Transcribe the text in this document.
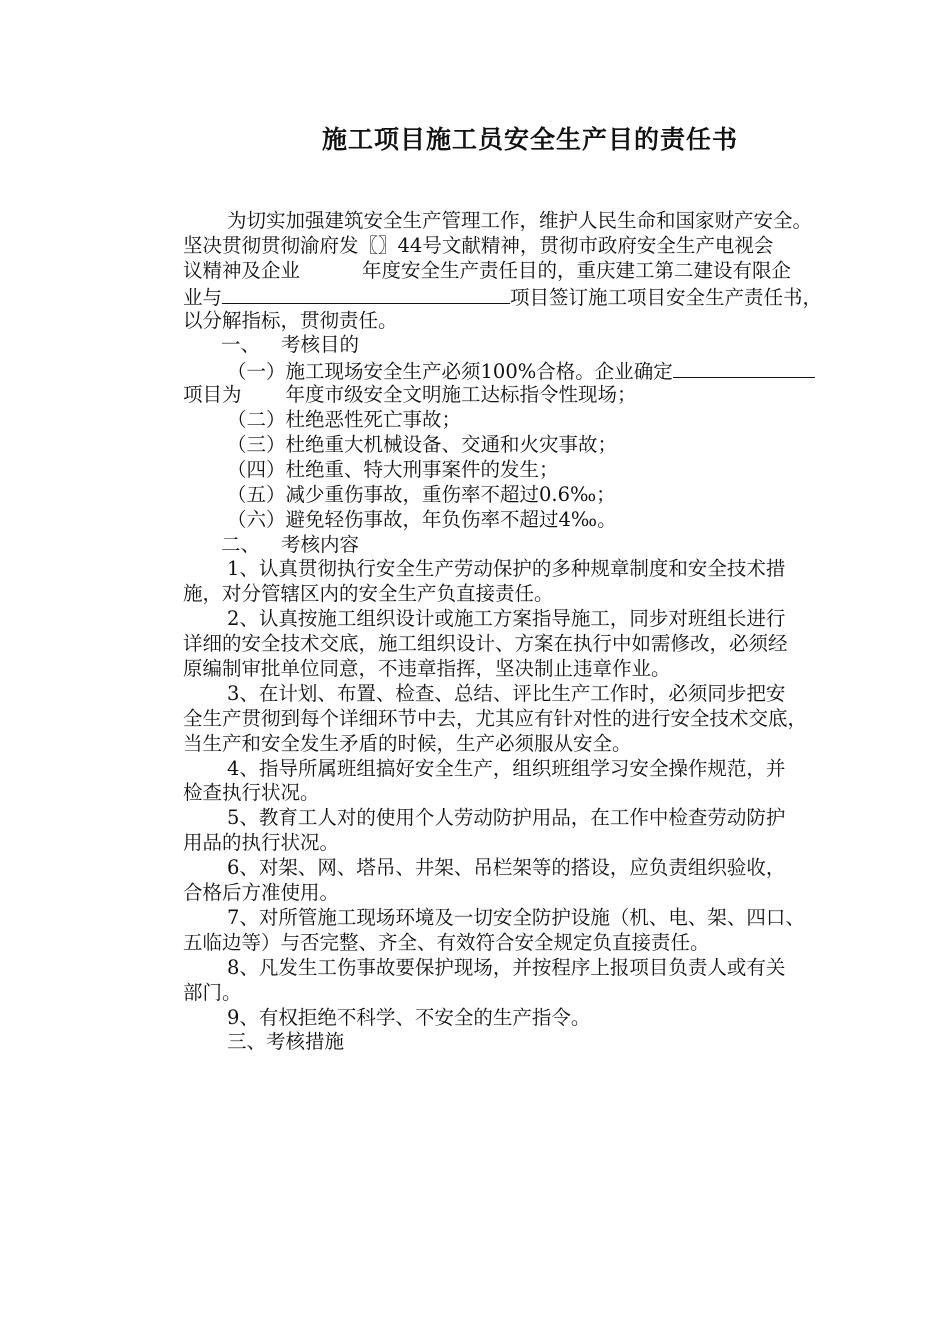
施工项目施工员安全生产目的责任书
为切实加强建筑安全生产管理工作，维护人民生命和国家财产安全。
坚决贯彻贯彻渝府发〖〗44号文献精神，贯彻市政府安全生产电视会
议精神及企业	年度安全生产责任目的，重庆建工第二建设有限企
业与	项目签订施工项目安全生产责任书，
以分解指标，贯彻责任。
一、 考核目的
（一）施工现场安全生产必须100%合格。企业确定
项目为 年度市级安全文明施工达标指令性现场；
（二）杜绝恶性死亡事故；
（三）杜绝重大机械设备、交通和火灾事故；
（四）杜绝重、特大刑事案件的发生；
（五）减少重伤事故，重伤率不超过0.6‰；
（六）避免轻伤事故，年负伤率不超过4‰。
二、 考核内容
1、认真贯彻执行安全生产劳动保护的多种规章制度和安全技术措
施，对分管辖区内的安全生产负直接责任。
2、认真按施工组织设计或施工方案指导施工，同步对班组长进行
详细的安全技术交底，施工组织设计、方案在执行中如需修改，必须经
原编制审批单位同意，不违章指挥，坚决制止违章作业。
3、在计划、布置、检查、总结、评比生产工作时，必须同步把安
全生产贯彻到每个详细环节中去，尤其应有针对性的进行安全技术交底，
当生产和安全发生矛盾的时候，生产必须服从安全。
4、指导所属班组搞好安全生产，组织班组学习安全操作规范，并
检查执行状况。
5、教育工人对的使用个人劳动防护用品，在工作中检查劳动防护
用品的执行状况。
6、对架、网、塔吊、井架、吊栏架等的搭设，应负责组织验收，
合格后方准使用。
7、对所管施工现场环境及一切安全防护设施（机、电、架、四口、
五临边等）与否完整、齐全、有效符合安全规定负直接责任。
8、凡发生工伤事故要保护现场，并按程序上报项目负责人或有关
部门。
9、有权拒绝不科学、不安全的生产指令。
三、考核措施
